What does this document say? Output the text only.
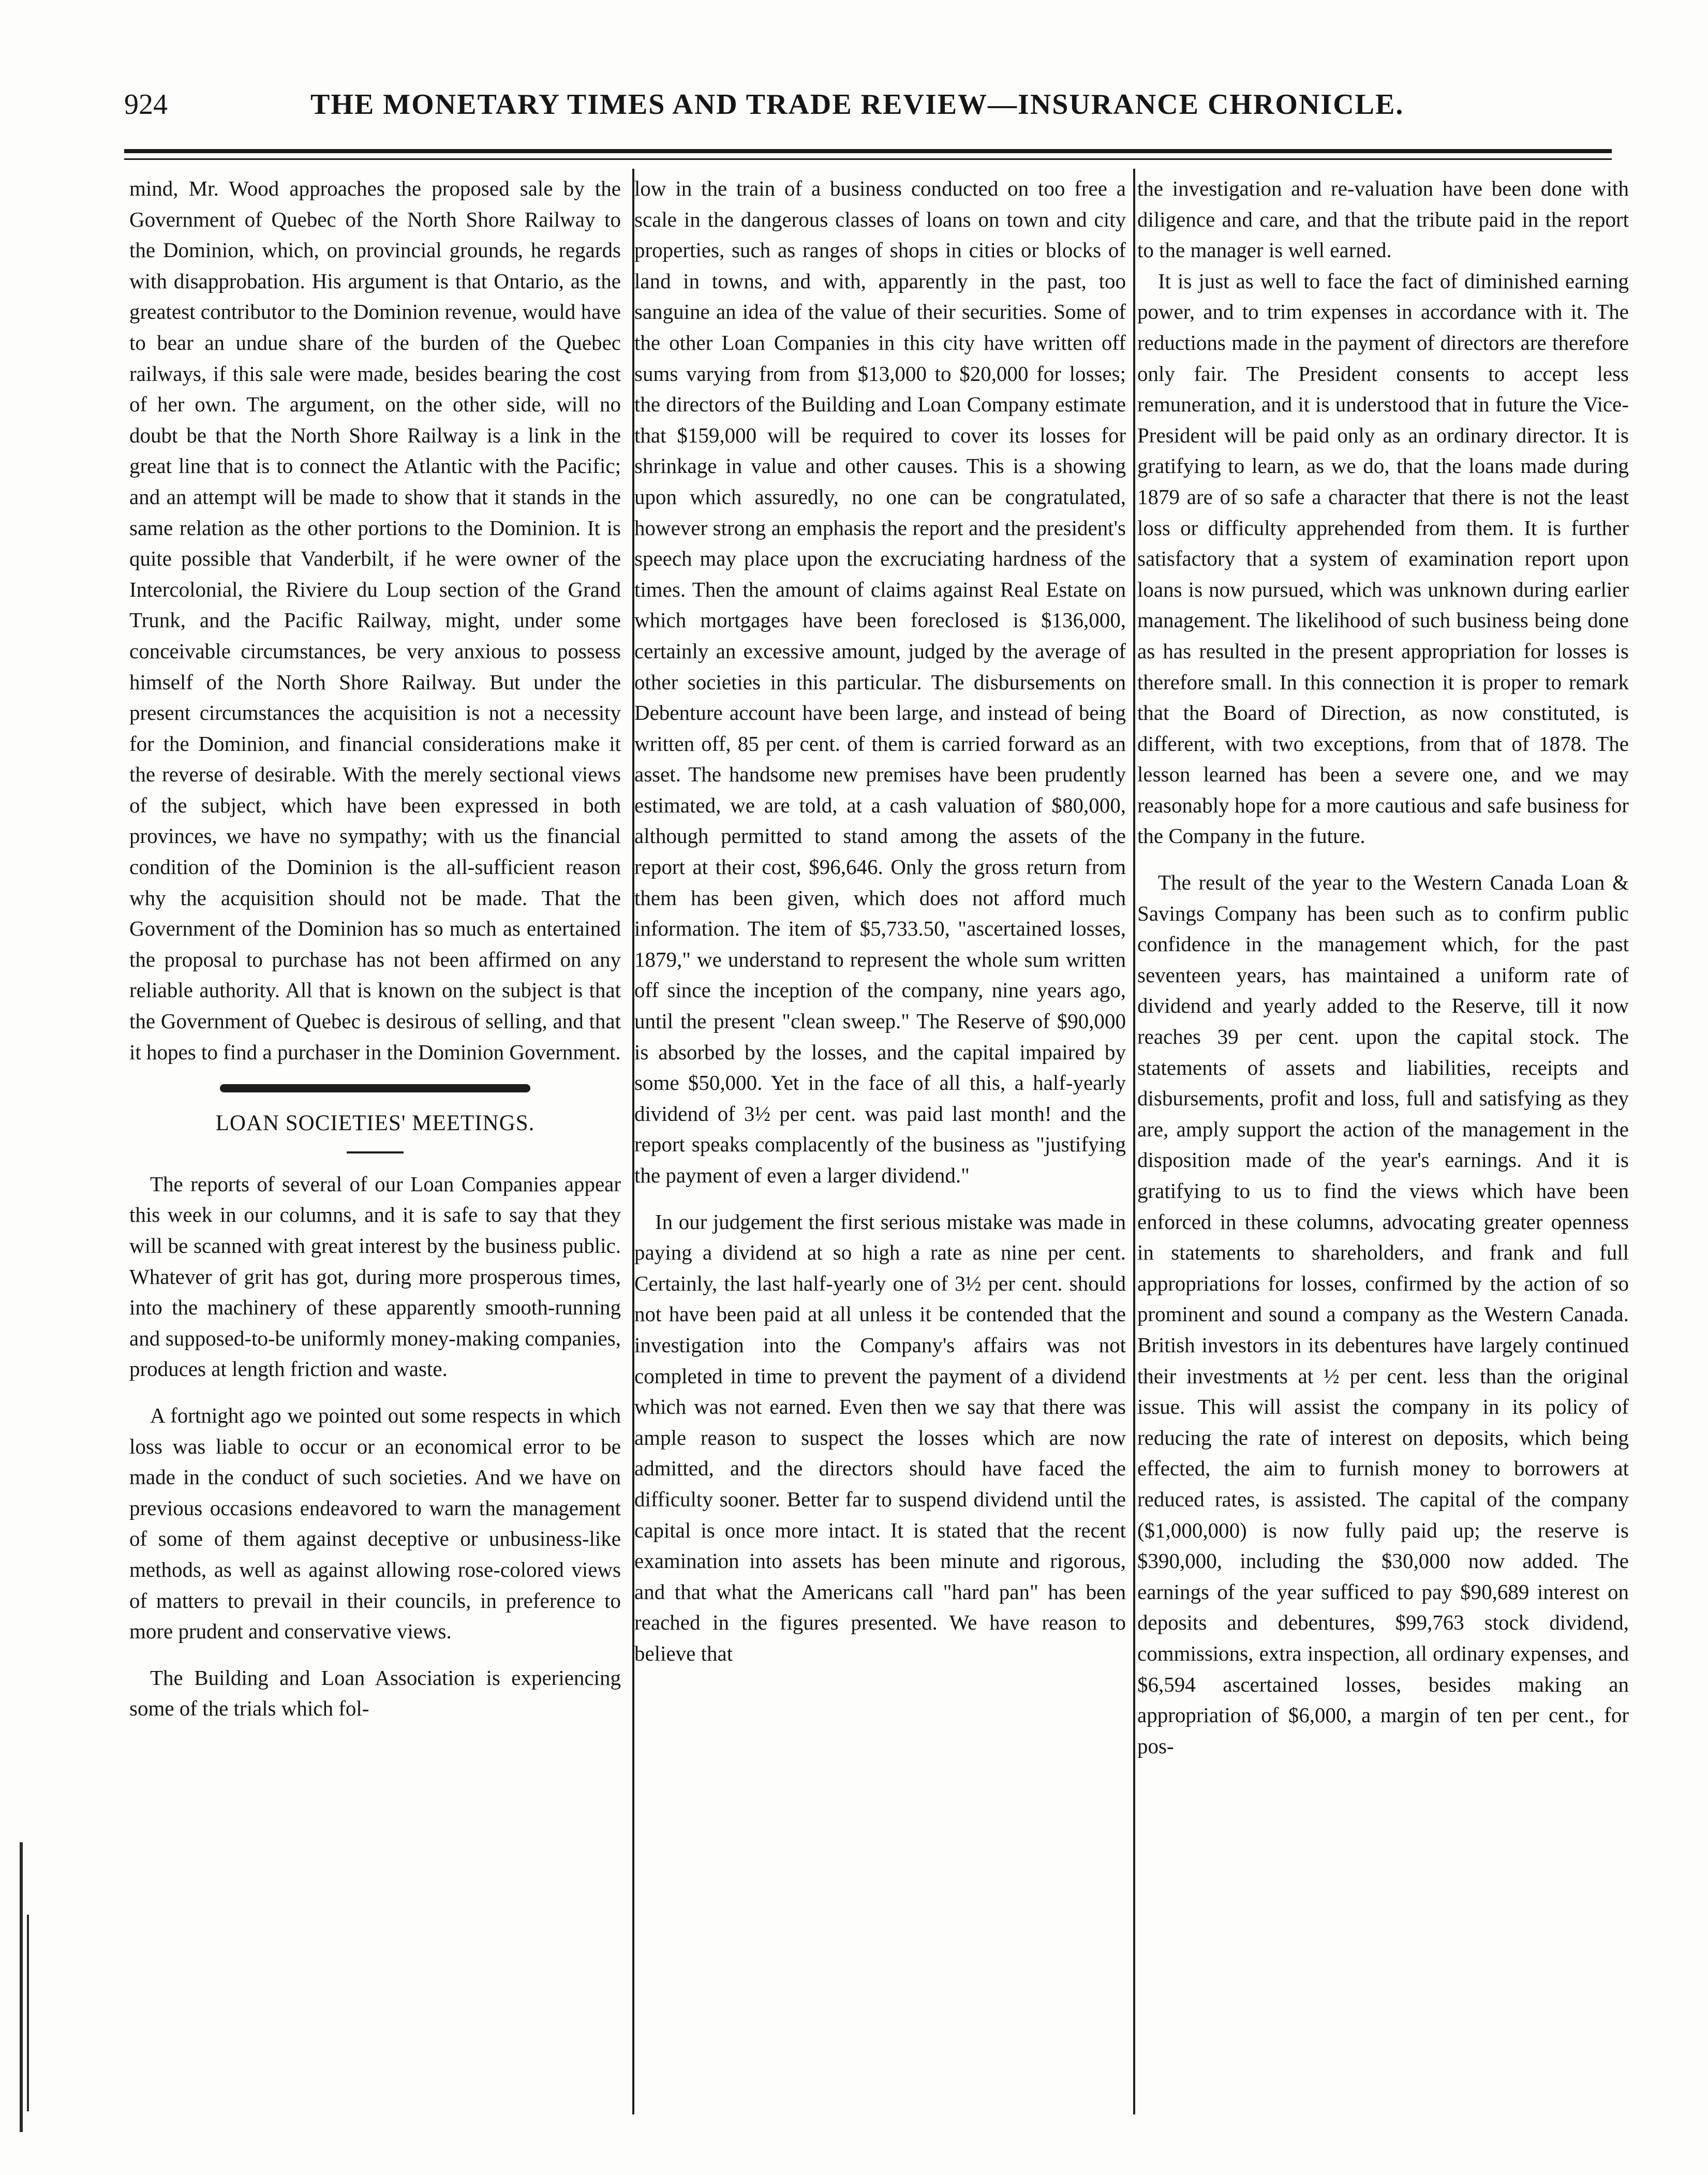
924	THE MONETARY TIMES AND TRADE REVIEW—INSURANCE CHRONICLE.

mind, Mr. Wood approaches the proposed sale by the Government of Quebec of the North Shore Railway to the Dominion, which, on provincial grounds, he regards with disapprobation. His argument is that Ontario, as the greatest contributor to the Dominion revenue, would have to bear an undue share of the burden of the Quebec railways, if this sale were made, besides bearing the cost of her own. The argument, on the other side, will no doubt be that the North Shore Railway is a link in the great line that is to connect the Atlantic with the Pacific; and an attempt will be made to show that it stands in the same relation as the other portions to the Dominion. It is quite possible that Vanderbilt, if he were owner of the Intercolonial, the Riviere du Loup section of the Grand Trunk, and the Pacific Railway, might, under some conceivable circumstances, be very anxious to possess himself of the North Shore Railway. But under the present circumstances the acquisition is not a necessity for the Dominion, and financial considerations make it the reverse of desirable. With the merely sectional views of the subject, which have been expressed in both provinces, we have no sympathy; with us the financial condition of the Dominion is the all-sufficient reason why the acquisition should not be made. That the Government of the Dominion has so much as entertained the proposal to purchase has not been affirmed on any reliable authority. All that is known on the subject is that the Government of Quebec is desirous of selling, and that it hopes to find a purchaser in the Dominion Government.

LOAN SOCIETIES' MEETINGS.

The reports of several of our Loan Companies appear this week in our columns, and it is safe to say that they will be scanned with great interest by the business public. Whatever of grit has got, during more prosperous times, into the machinery of these apparently smooth-running and supposed-to-be uniformly money-making companies, produces at length friction and waste.

A fortnight ago we pointed out some respects in which loss was liable to occur or an economical error to be made in the conduct of such societies. And we have on previous occasions endeavored to warn the management of some of them against deceptive or unbusiness-like methods, as well as against allowing rose-colored views of matters to prevail in their councils, in preference to more prudent and conservative views.

The Building and Loan Association is experiencing some of the trials which fol-

low in the train of a business conducted on too free a scale in the dangerous classes of loans on town and city properties, such as ranges of shops in cities or blocks of land in towns, and with, apparently in the past, too sanguine an idea of the value of their securities. Some of the other Loan Companies in this city have written off sums varying from from $13,000 to $20,000 for losses; the directors of the Building and Loan Company estimate that $159,000 will be required to cover its losses for shrinkage in value and other causes. This is a showing upon which assuredly, no one can be congratulated, however strong an emphasis the report and the president's speech may place upon the excruciating hardness of the times. Then the amount of claims against Real Estate on which mortgages have been foreclosed is $136,000, certainly an excessive amount, judged by the average of other societies in this particular. The disbursements on Debenture account have been large, and instead of being written off, 85 per cent. of them is carried forward as an asset. The handsome new premises have been prudently estimated, we are told, at a cash valuation of $80,000, although permitted to stand among the assets of the report at their cost, $96,646. Only the gross return from them has been given, which does not afford much information. The item of $5,733.50, "ascertained losses, 1879," we understand to represent the whole sum written off since the inception of the company, nine years ago, until the present "clean sweep." The Reserve of $90,000 is absorbed by the losses, and the capital impaired by some $50,000. Yet in the face of all this, a half-yearly dividend of 3½ per cent. was paid last month! and the report speaks complacently of the business as "justifying the payment of even a larger dividend."

In our judgement the first serious mistake was made in paying a dividend at so high a rate as nine per cent. Certainly, the last half-yearly one of 3½ per cent. should not have been paid at all unless it be contended that the investigation into the Company's affairs was not completed in time to prevent the payment of a dividend which was not earned. Even then we say that there was ample reason to suspect the losses which are now admitted, and the directors should have faced the difficulty sooner. Better far to suspend dividend until the capital is once more intact. It is stated that the recent examination into assets has been minute and rigorous, and that what the Americans call "hard pan" has been reached in the figures presented. We have reason to believe that

the investigation and re-valuation have been done with diligence and care, and that the tribute paid in the report to the manager is well earned.

It is just as well to face the fact of diminished earning power, and to trim expenses in accordance with it. The reductions made in the payment of directors are therefore only fair. The President consents to accept less remuneration, and it is understood that in future the Vice-President will be paid only as an ordinary director. It is gratifying to learn, as we do, that the loans made during 1879 are of so safe a character that there is not the least loss or difficulty apprehended from them. It is further satisfactory that a system of examination report upon loans is now pursued, which was unknown during earlier management. The likelihood of such business being done as has resulted in the present appropriation for losses is therefore small. In this connection it is proper to remark that the Board of Direction, as now constituted, is different, with two exceptions, from that of 1878. The lesson learned has been a severe one, and we may reasonably hope for a more cautious and safe business for the Company in the future.

The result of the year to the Western Canada Loan & Savings Company has been such as to confirm public confidence in the management which, for the past seventeen years, has maintained a uniform rate of dividend and yearly added to the Reserve, till it now reaches 39 per cent. upon the capital stock. The statements of assets and liabilities, receipts and disbursements, profit and loss, full and satisfying as they are, amply support the action of the management in the disposition made of the year's earnings. And it is gratifying to us to find the views which have been enforced in these columns, advocating greater openness in statements to shareholders, and frank and full appropriations for losses, confirmed by the action of so prominent and sound a company as the Western Canada. British investors in its debentures have largely continued their investments at ½ per cent. less than the original issue. This will assist the company in its policy of reducing the rate of interest on deposits, which being effected, the aim to furnish money to borrowers at reduced rates, is assisted. The capital of the company ($1,000,000) is now fully paid up; the reserve is $390,000, including the $30,000 now added. The earnings of the year sufficed to pay $90,689 interest on deposits and debentures, $99,763 stock dividend, commissions, extra inspection, all ordinary expenses, and $6,594 ascertained losses, besides making an appropriation of $6,000, a margin of ten per cent., for pos-
